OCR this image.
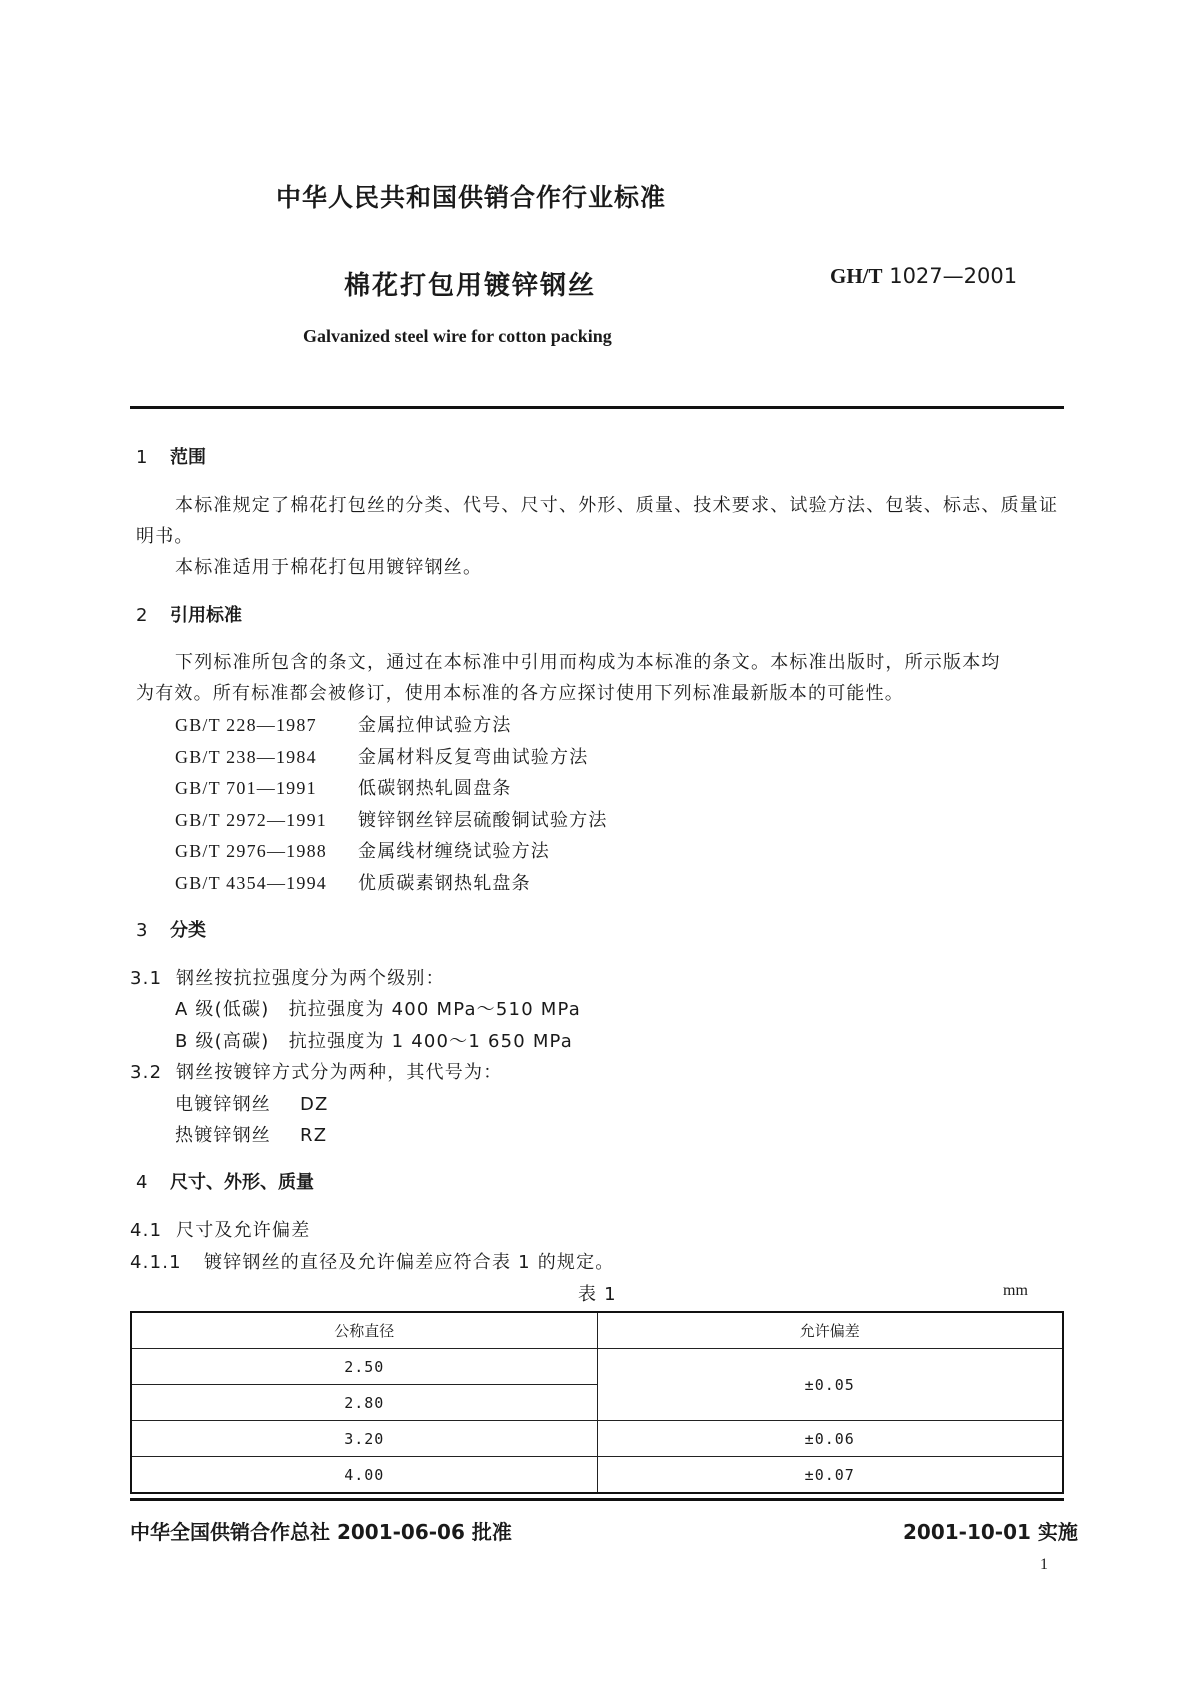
中华人民共和国供销合作行业标准
棉花打包用镀锌钢丝	GH/T 1027—2001
Galvanized steel wire for cotton packing
1 范围
本标准规定了棉花打包丝的分类、代号、尺寸、外形、质量、技术要求、试验方法、包装、标志、质量证
明书。
本标准适用于棉花打包用镀锌钢丝。
2 引用标准
下列标准所包含的条文，通过在本标准中引用而构成为本标准的条文。本标准出版时，所示版本均
为有效。所有标准都会被修订，使用本标准的各方应探讨使用下列标准最新版本的可能性。
GB/T 228—1987 金属拉伸试验方法
GB/T 238—1984 金属材料反复弯曲试验方法
GB/T 701—1991 低碳钢热轧圆盘条
GB/T 2972—1991 镀锌钢丝锌层硫酸铜试验方法
GB/T 2976—1988 金属线材缠绕试验方法
GB/T 4354—1994 优质碳素钢热轧盘条
3 分类
3.1 钢丝按抗拉强度分为两个级别：
A 级(低碳)　抗拉强度为 400 MPa～510 MPa
B 级(高碳)　抗拉强度为 1 400～1 650 MPa
3.2 钢丝按镀锌方式分为两种，其代号为：
电镀锌钢丝 DZ
热镀锌钢丝 RZ
4 尺寸、外形、质量
4.1 尺寸及允许偏差
4.1.1 镀锌钢丝的直径及允许偏差应符合表 1 的规定。
表 1	mm
公称直径	允许偏差
2.50	±0.05
2.80	
3.20	±0.06
4.00	±0.07
中华全国供销合作总社 2001-06-06 批准	2001-10-01 实施
1
